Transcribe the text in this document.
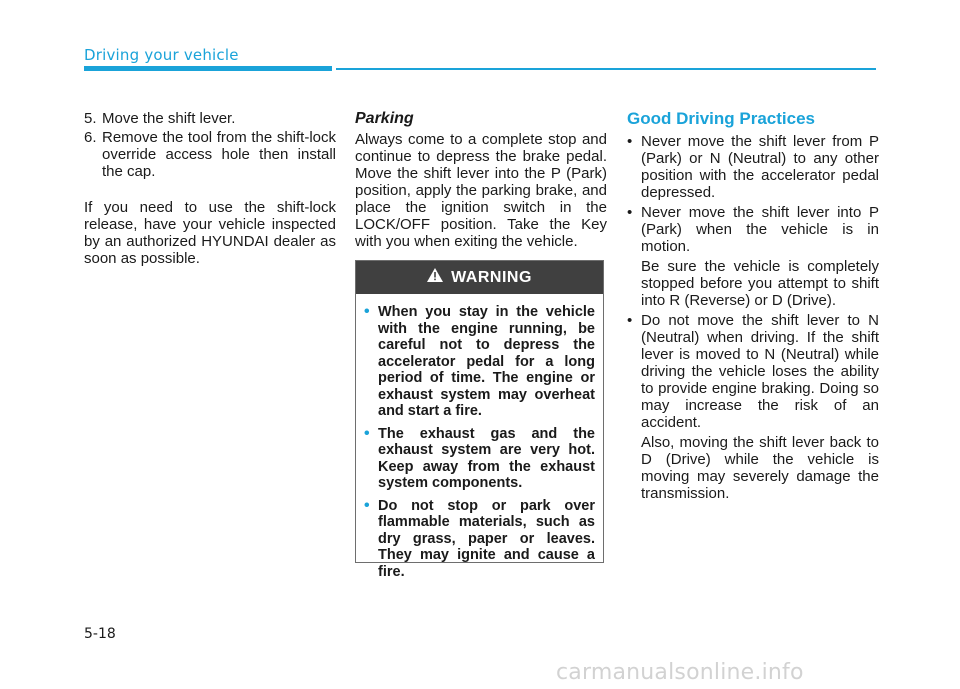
Driving your vehicle
5. Move the shift lever.
6. Remove the tool from the shift-lock override access hole then install the cap.

If you need to use the shift-lock release, have your vehicle inspected by an authorized HYUNDAI dealer as soon as possible.

Parking

Always come to a complete stop and continue to depress the brake pedal. Move the shift lever into the P (Park) position, apply the parking brake, and place the ignition switch in the LOCK/OFF position. Take the Key with you when exiting the vehicle.

WARNING
• When you stay in the vehicle with the engine running, be careful not to depress the accelerator pedal for a long period of time. The engine or exhaust system may overheat and start a fire.
• The exhaust gas and the exhaust system are very hot. Keep away from the exhaust system components.
• Do not stop or park over flammable materials, such as dry grass, paper or leaves. They may ignite and cause a fire.
Good Driving Practices
• Never move the shift lever from P (Park) or N (Neutral) to any other position with the accelerator pedal depressed.
• Never move the shift lever into P (Park) when the vehicle is in motion.
Be sure the vehicle is completely stopped before you attempt to shift into R (Reverse) or D (Drive).
• Do not move the shift lever to N (Neutral) when driving. If the shift lever is moved to N (Neutral) while driving the vehicle loses the ability to provide engine braking. Doing so may increase the risk of an accident.
Also, moving the shift lever back to D (Drive) while the vehicle is moving may severely damage the transmission.
5-18
carmanualsonline.info
